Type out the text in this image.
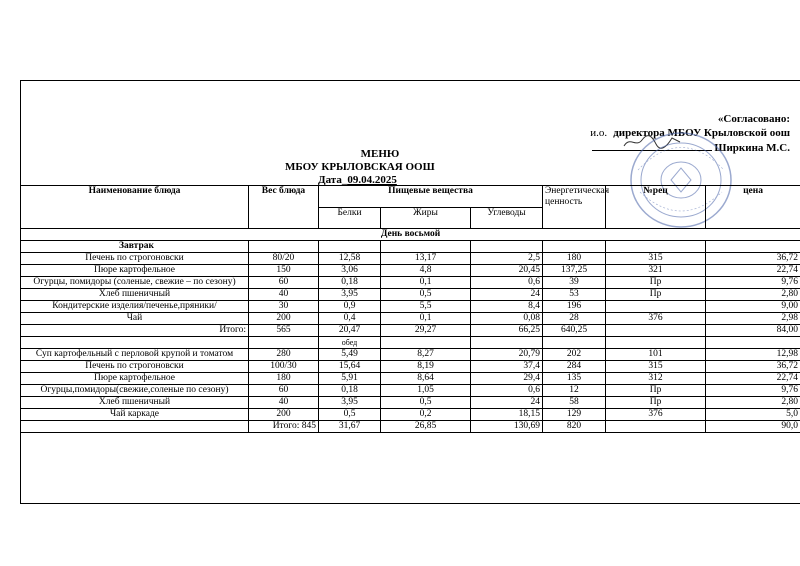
«Согласовано:
и.о. директора МБОУ Крыловской оош
Ширкина М.С.
МЕНЮ
МБОУ КРЫЛОВСКАЯ ООШ
Дата_09.04.2025
Наименование блюда	Вес блюда	Пищевые вещества			Энергетическая ценность	№рец	цена
		Белки	Жиры	Углеводы			
День восьмой							
Завтрак							
Печень по строгоновски	80/20	12,58	13,17	2,5	180	315	36,72
Пюре картофельное	150	3,06	4,8	20,45	137,25	321	22,74
Огурцы, помидоры (соленые, свежие – по сезону)	60	0,18	0,1	0,6	39	Пр	9,76
Хлеб пшеничный	40	3,95	0,5	24	53	Пр	2,80
Кондитерские изделия/печенье,пряники/	30	0,9	5,5	8,4	196		9,00
Чай	200	0,4	0,1	0,08	28	376	2,98
Итого:	565	20,47	29,27	66,25	640,25		84,00
		обед					
Суп картофельный с перловой крупой и томатом	280	5,49	8,27	20,79	202	101	12,98
Печень по строгоновски	100/30	15,64	8,19	37,4	284	315	36,72
Пюре картофельное	180	5,91	8,64	29,4	135	312	22,74
Огурцы,помидоры(свежие,соленые по сезону)	60	0,18	1,05	0,6	12	Пр	9,76
Хлеб пшеничный	40	3,95	0,5	24	58	Пр	2,80
Чай каркаде	200	0,5	0,2	18,15	129	376	5,0
	Итого: 845	31,67	26,85	130,69	820		90,0
